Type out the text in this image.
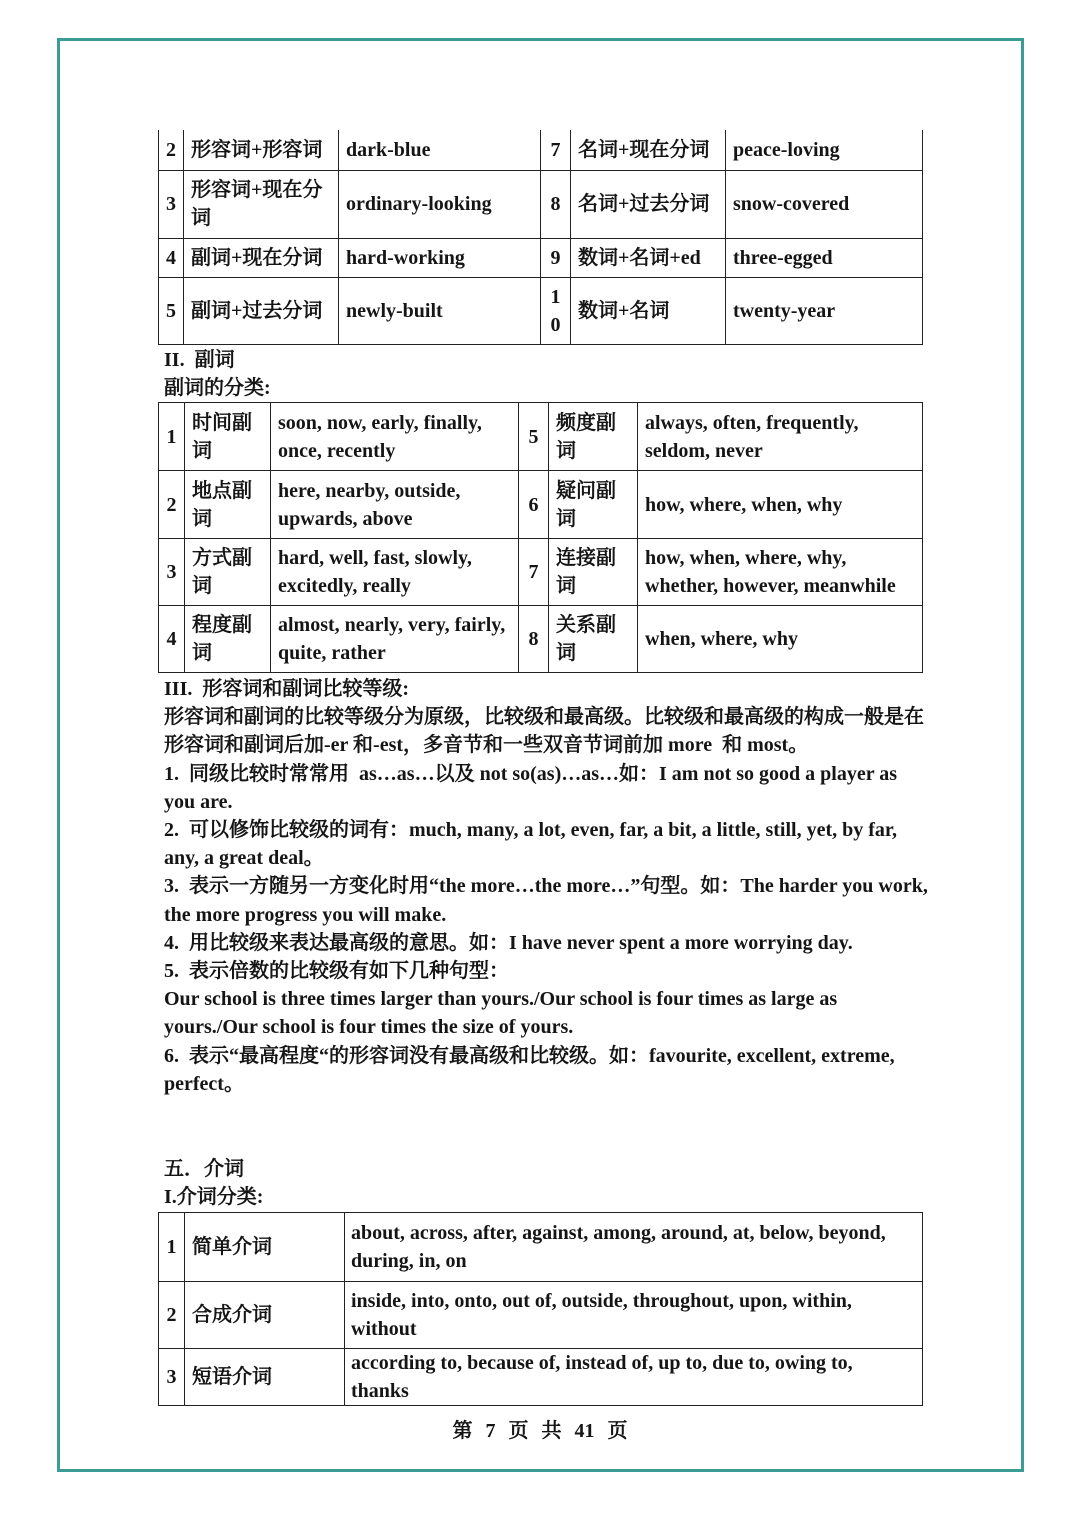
2	形容词+形容词	dark-blue	7	名词+现在分词	peace-loving
3	形容词+现在分词	ordinary-looking	8	名词+过去分词	snow-covered
4	副词+现在分词	hard-working	9	数词+名词+ed	three-egged
5	副词+过去分词	newly-built	10	数词+名词	twenty-year
II.  副词
副词的分类:
1	时间副词	soon, now, early, finally, once, recently	5	频度副词	always, often, frequently, seldom, never
2	地点副词	here, nearby, outside, upwards, above	6	疑问副词	how, where, when, why
3	方式副词	hard, well, fast, slowly, excitedly, really	7	连接副词	how, when, where, why, whether, however, meanwhile
4	程度副词	almost, nearly, very, fairly, quite, rather	8	关系副词	when, where, why
III.  形容词和副词比较等级:
形容词和副词的比较等级分为原级，比较级和最高级。比较级和最高级的构成一般是在
形容词和副词后加-er 和-est，多音节和一些双音节词前加 more  和 most。
1.  同级比较时常常用  as…as…以及 not so(as)…as…如：I am not so good a player as
you are.
2.  可以修饰比较级的词有：much, many, a lot, even, far, a bit, a little, still, yet, by far,
any, a great deal。
3.  表示一方随另一方变化时用“the more…the more…”句型。如：The harder you work,
the more progress you will make.
4.  用比较级来表达最高级的意思。如：I have never spent a more worrying day.
5.  表示倍数的比较级有如下几种句型：
Our school is three times larger than yours./Our school is four times as large as
yours./Our school is four times the size of yours.
6.  表示“最高程度“的形容词没有最高级和比较级。如：favourite, excellent, extreme,
perfect。
五．介词
I.介词分类:
1	简单介词	about, across, after, against, among, around, at, below, beyond, during, in, on
2	合成介词	inside, into, onto, out of, outside, throughout, upon, within, without
3	短语介词	according to, because of, instead of, up to, due to, owing to, thanks
第 7 页 共 41 页
